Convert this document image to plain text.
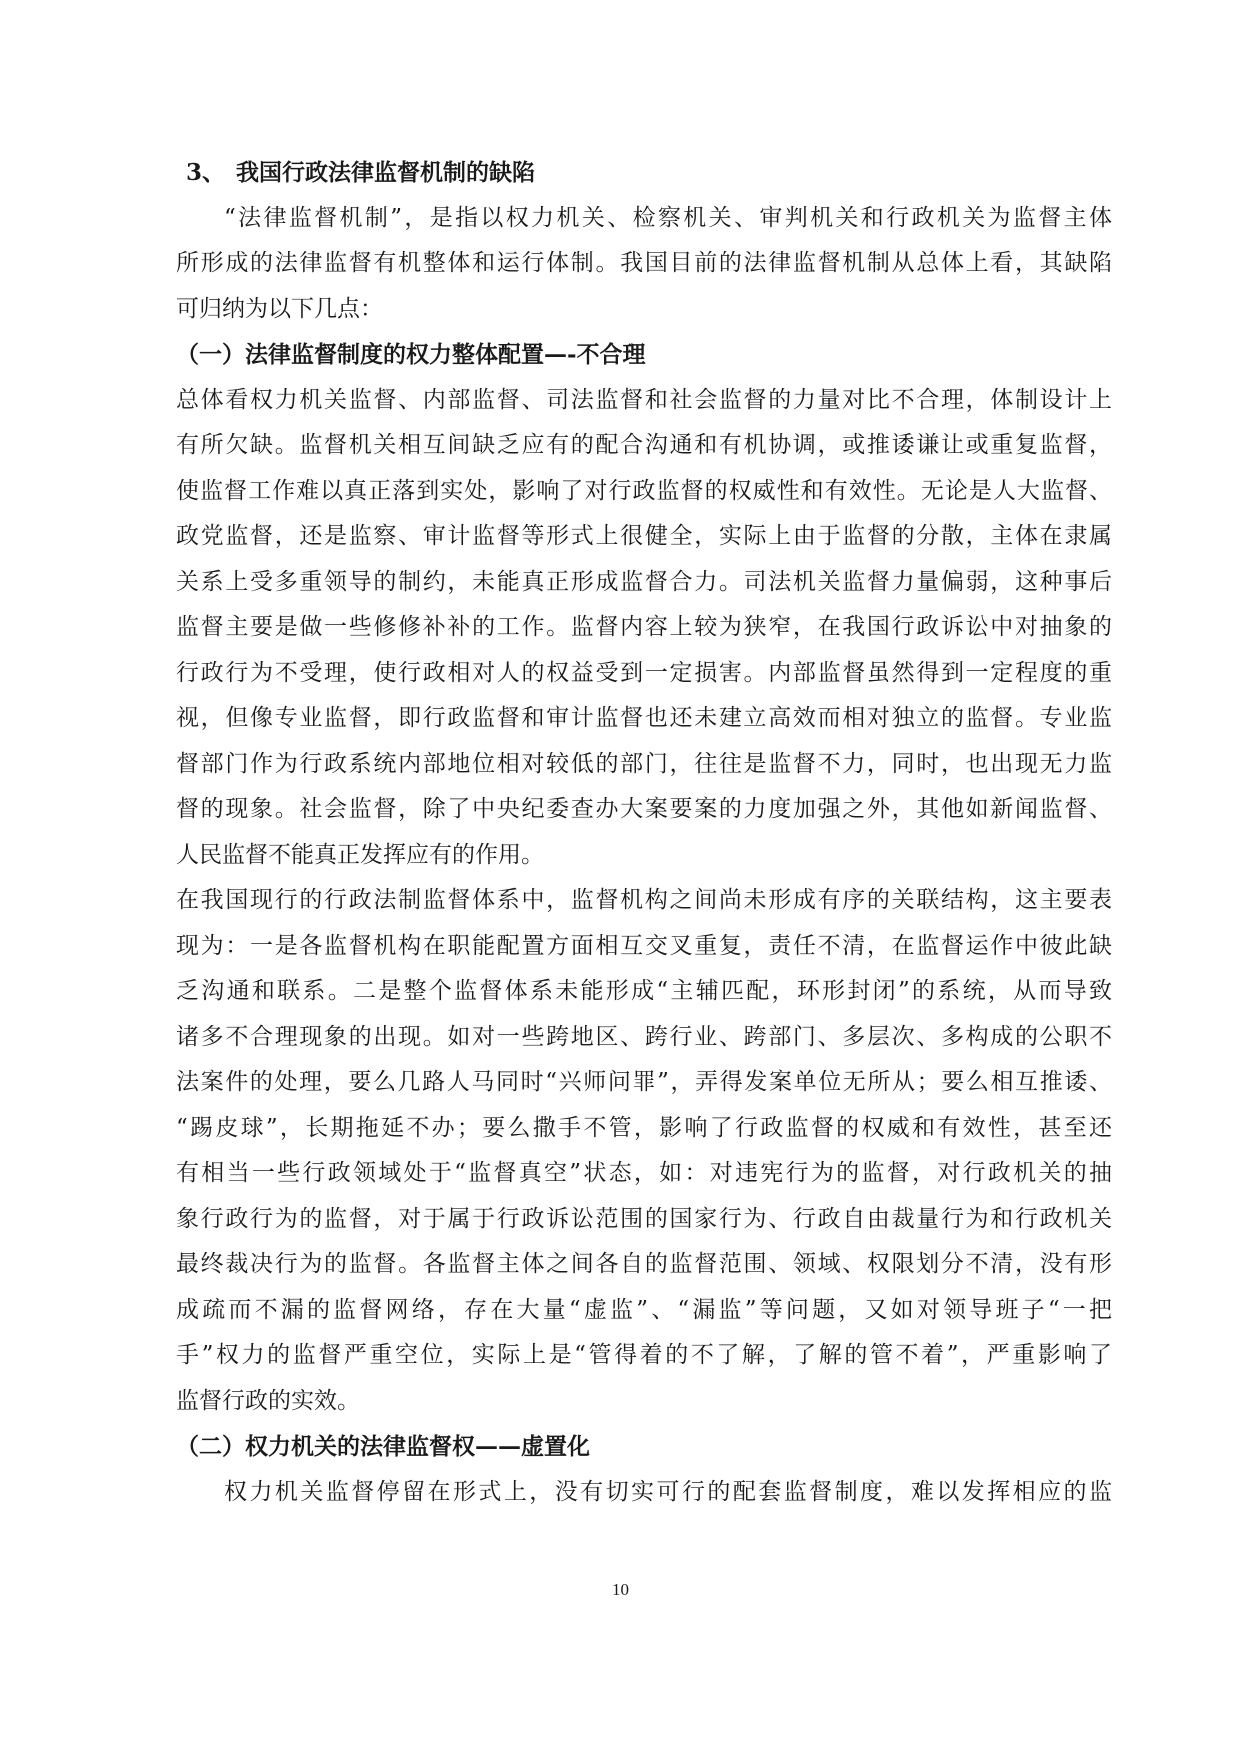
3、 我国行政法律监督机制的缺陷
“法律监督机制”，是指以权力机关、检察机关、审判机关和行政机关为监督主体
所形成的法律监督有机整体和运行体制。我国目前的法律监督机制从总体上看，其缺陷
可归纳为以下几点：
（一）法律监督制度的权力整体配置—-不合理
总体看权力机关监督、内部监督、司法监督和社会监督的力量对比不合理，体制设计上
有所欠缺。监督机关相互间缺乏应有的配合沟通和有机协调，或推诿谦让或重复监督，
使监督工作难以真正落到实处，影响了对行政监督的权威性和有效性。无论是人大监督、
政党监督，还是监察、审计监督等形式上很健全，实际上由于监督的分散，主体在隶属
关系上受多重领导的制约，未能真正形成监督合力。司法机关监督力量偏弱，这种事后
监督主要是做一些修修补补的工作。监督内容上较为狭窄，在我国行政诉讼中对抽象的
行政行为不受理，使行政相对人的权益受到一定损害。内部监督虽然得到一定程度的重
视，但像专业监督，即行政监督和审计监督也还未建立高效而相对独立的监督。专业监
督部门作为行政系统内部地位相对较低的部门，往往是监督不力，同时，也出现无力监
督的现象。社会监督，除了中央纪委查办大案要案的力度加强之外，其他如新闻监督、
人民监督不能真正发挥应有的作用。
在我国现行的行政法制监督体系中，监督机构之间尚未形成有序的关联结构，这主要表
现为：一是各监督机构在职能配置方面相互交叉重复，责任不清，在监督运作中彼此缺
乏沟通和联系。二是整个监督体系未能形成“主辅匹配，环形封闭”的系统，从而导致
诸多不合理现象的出现。如对一些跨地区、跨行业、跨部门、多层次、多构成的公职不
法案件的处理，要么几路人马同时“兴师问罪”，弄得发案单位无所从；要么相互推诿、
“踢皮球”，长期拖延不办；要么撒手不管，影响了行政监督的权威和有效性，甚至还
有相当一些行政领域处于“监督真空”状态，如：对违宪行为的监督，对行政机关的抽
象行政行为的监督，对于属于行政诉讼范围的国家行为、行政自由裁量行为和行政机关
最终裁决行为的监督。各监督主体之间各自的监督范围、领域、权限划分不清，没有形
成疏而不漏的监督网络，存在大量“虚监”、“漏监”等问题，又如对领导班子“一把
手”权力的监督严重空位，实际上是“管得着的不了解，了解的管不着”，严重影响了
监督行政的实效。
（二）权力机关的法律监督权——虚置化
权力机关监督停留在形式上，没有切实可行的配套监督制度，难以发挥相应的监
10
